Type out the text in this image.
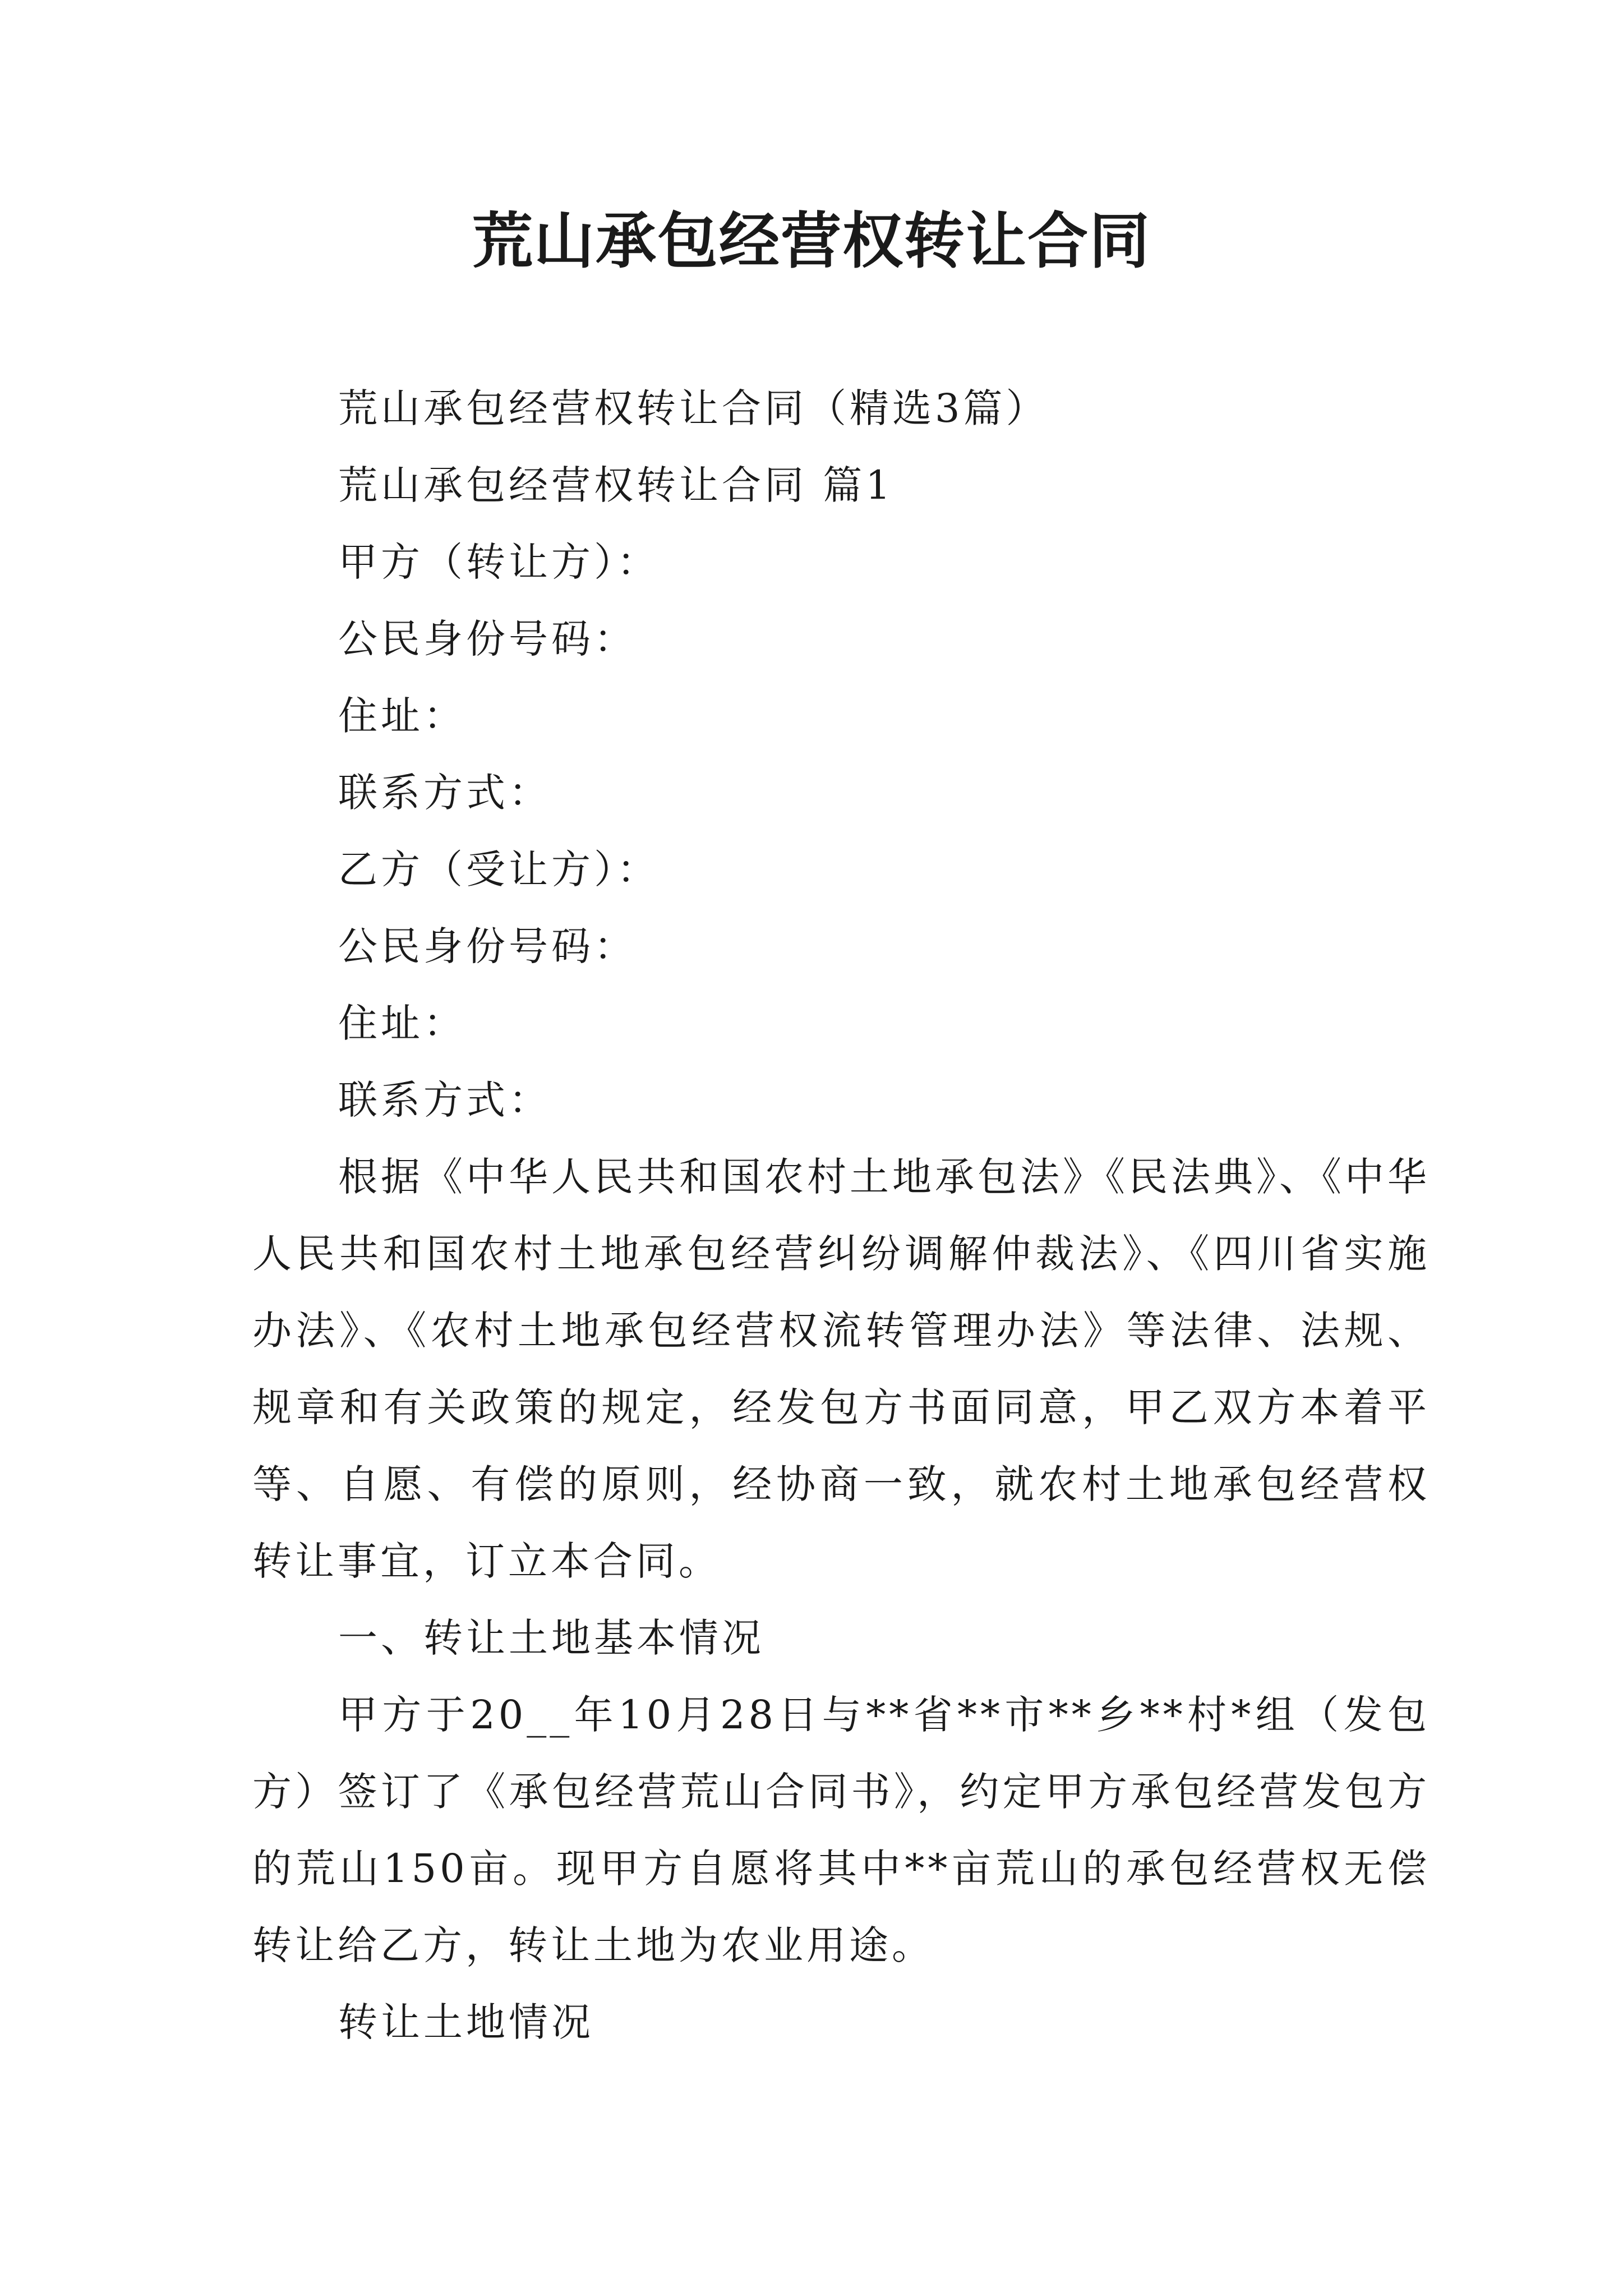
荒山承包经营权转让合同

荒山承包经营权转让合同（精选3篇）

荒山承包经营权转让合同 篇1

甲方（转让方）：

公民身份号码：

住址：

联系方式：

乙方（受让方）：

公民身份号码：

住址：

联系方式：

根据《中华人民共和国农村土地承包法》《民法典》、《中华人民共和国农村土地承包经营纠纷调解仲裁法》、《四川省实施办法》、《农村土地承包经营权流转管理办法》等法律、法规、规章和有关政策的规定，经发包方书面同意，甲乙双方本着平等、自愿、有偿的原则，经协商一致，就农村土地承包经营权转让事宜，订立本合同。

一、转让土地基本情况

甲方于20__年10月28日与**省**市**乡**村*组（发包方）签订了《承包经营荒山合同书》，约定甲方承包经营发包方的荒山150亩。现甲方自愿将其中**亩荒山的承包经营权无偿转让给乙方，转让土地为农业用途。

转让土地情况
